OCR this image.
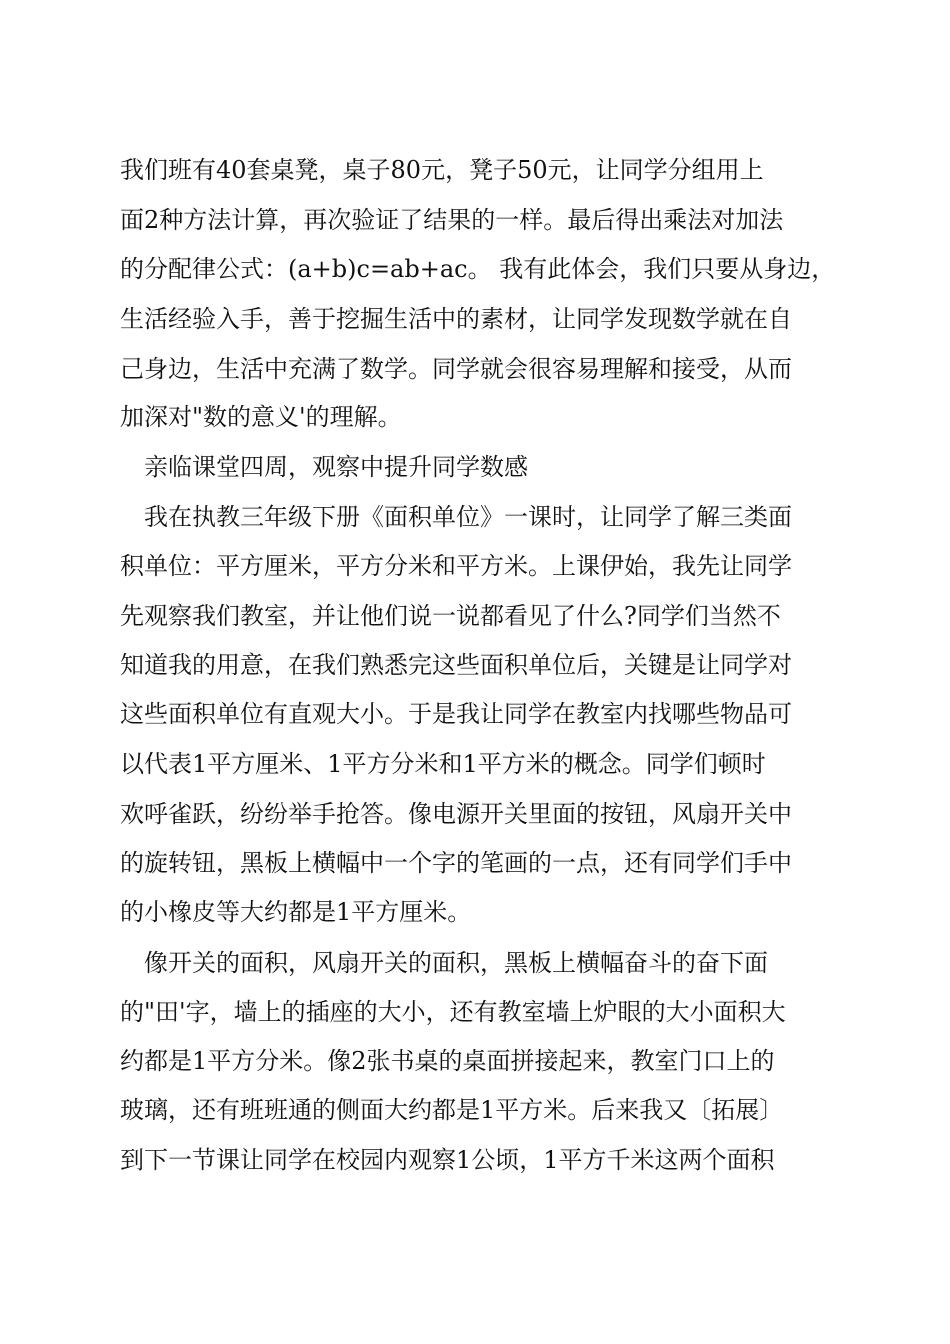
我们班有40套桌凳，桌子80元，凳子50元，让同学分组用上
面2种方法计算，再次验证了结果的一样。最后得出乘法对加法
的分配律公式：(a+b)c=ab+ac。 我有此体会，我们只要从身边，
生活经验入手，善于挖掘生活中的素材，让同学发现数学就在自
己身边，生活中充满了数学。同学就会很容易理解和接受，从而
加深对"数的意义'的理解。
亲临课堂四周，观察中提升同学数感
我在执教三年级下册《面积单位》一课时，让同学了解三类面
积单位：平方厘米，平方分米和平方米。上课伊始，我先让同学
先观察我们教室，并让他们说一说都看见了什么?同学们当然不
知道我的用意，在我们熟悉完这些面积单位后，关键是让同学对
这些面积单位有直观大小。于是我让同学在教室内找哪些物品可
以代表1平方厘米、1平方分米和1平方米的概念。同学们顿时
欢呼雀跃，纷纷举手抢答。像电源开关里面的按钮，风扇开关中
的旋转钮，黑板上横幅中一个字的笔画的一点，还有同学们手中
的小橡皮等大约都是1平方厘米。
像开关的面积，风扇开关的面积，黑板上横幅奋斗的奋下面
的"田'字，墙上的插座的大小，还有教室墙上炉眼的大小面积大
约都是1平方分米。像2张书桌的桌面拼接起来，教室门口上的
玻璃，还有班班通的侧面大约都是1平方米。后来我又〔拓展〕
到下一节课让同学在校园内观察1公顷，1平方千米这两个面积
